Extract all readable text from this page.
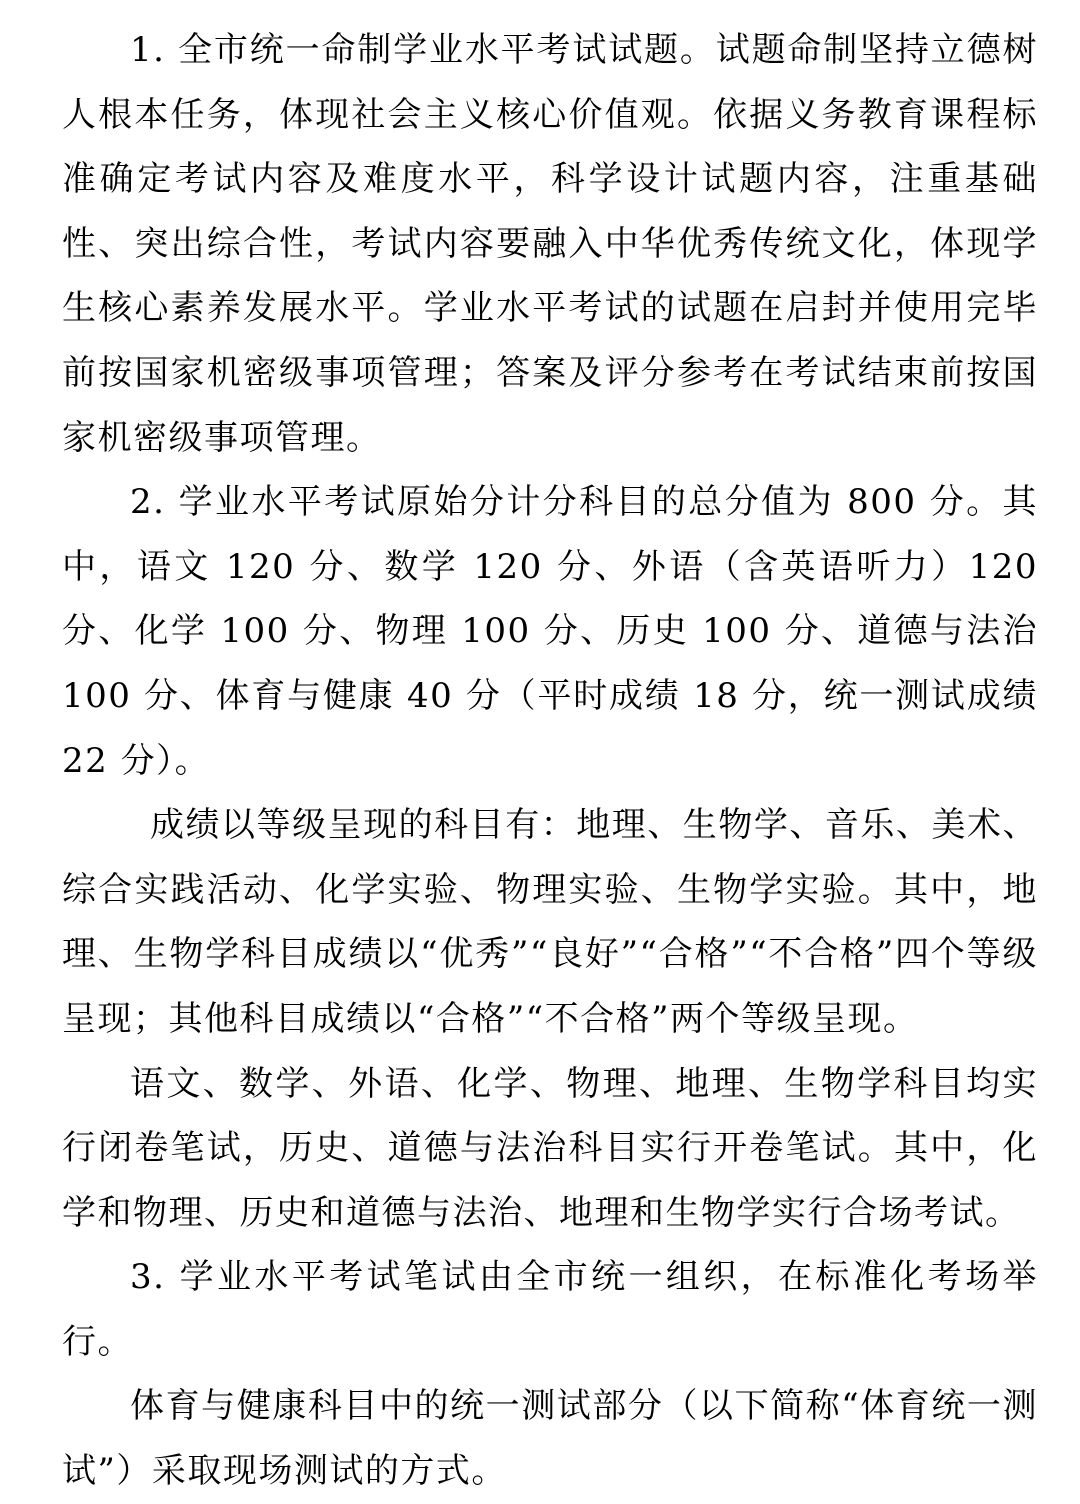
1. 全市统一命制学业水平考试试题。试题命制坚持立德树人根本任务，体现社会主义核心价值观。依据义务教育课程标准确定考试内容及难度水平，科学设计试题内容，注重基础性、突出综合性，考试内容要融入中华优秀传统文化，体现学生核心素养发展水平。学业水平考试的试题在启封并使用完毕前按国家机密级事项管理；答案及评分参考在考试结束前按国家机密级事项管理。

2. 学业水平考试原始分计分科目的总分值为 800 分。其中，语文 120 分、数学 120 分、外语（含英语听力）120 分、化学 100 分、物理 100 分、历史 100 分、道德与法治 100 分、体育与健康 40 分（平时成绩 18 分，统一测试成绩 22 分）。

成绩以等级呈现的科目有：地理、生物学、音乐、美术、综合实践活动、化学实验、物理实验、生物学实验。其中，地理、生物学科目成绩以“优秀”“良好”“合格”“不合格”四个等级呈现；其他科目成绩以“合格”“不合格”两个等级呈现。

语文、数学、外语、化学、物理、地理、生物学科目均实行闭卷笔试，历史、道德与法治科目实行开卷笔试。其中，化学和物理、历史和道德与法治、地理和生物学实行合场考试。

3. 学业水平考试笔试由全市统一组织，在标准化考场举行。

体育与健康科目中的统一测试部分（以下简称“体育统一测试”）采取现场测试的方式。
